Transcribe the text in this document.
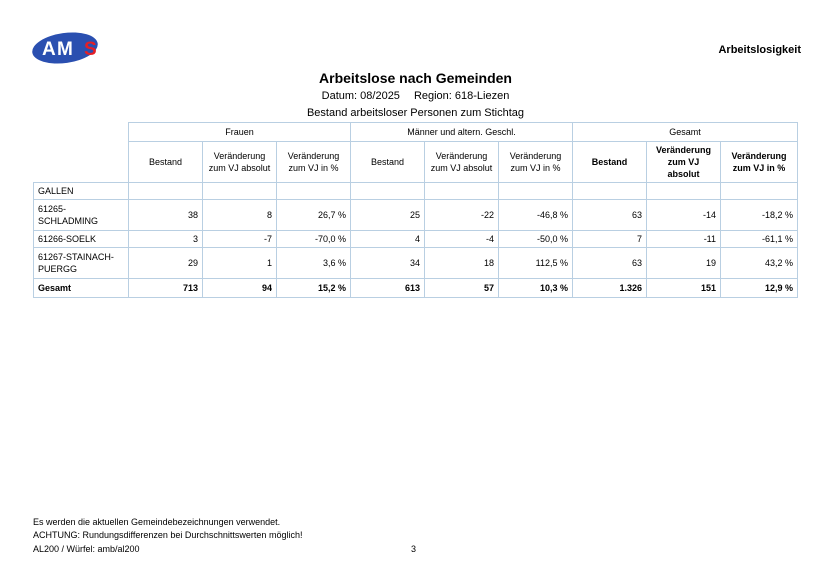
A M S	Arbeitslosigkeit
Arbeitslose nach Gemeinden
Datum: 08/2025 Region: 618-Liezen
Bestand arbeitsloser Personen zum Stichtag
	Frauen			Männer und altern. Geschl.			Gesamt		
	Bestand	Veränderung zum VJ absolut	Veränderung zum VJ in %	Bestand	Veränderung zum VJ absolut	Veränderung zum VJ in %	Bestand	Veränderung zum VJ absolut	Veränderung zum VJ in %
GALLEN									
61265-SCHLADMING	38	8	26,7 %	25	-22	-46,8 %	63	-14	-18,2 %
61266-SOELK	3	-7	-70,0 %	4	-4	-50,0 %	7	-11	-61,1 %
61267-STAINACH-PUERGG	29	1	3,6 %	34	18	112,5 %	63	19	43,2 %
Gesamt	713	94	15,2 %	613	57	10,3 %	1.326	151	12,9 %
Es werden die aktuellen Gemeindebezeichnungen verwendet.
ACHTUNG: Rundungsdifferenzen bei Durchschnittswerten möglich!
AL200 / Würfel: amb/al200	3
